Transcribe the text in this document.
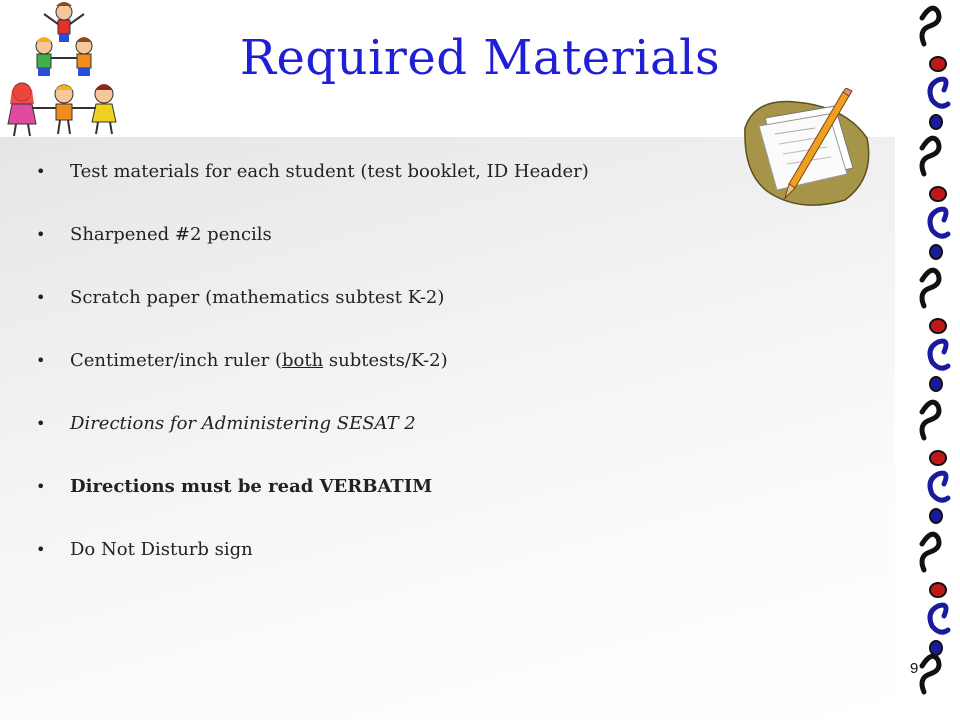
Required Materials
• Test materials for each student (test booklet, ID Header)
• Sharpened #2 pencils
• Scratch paper (mathematics subtest K-2)
• Centimeter/inch ruler (both subtests/K-2)
• Directions for Administering SESAT 2
• Directions must be read VERBATIM
• Do Not Disturb sign
9
